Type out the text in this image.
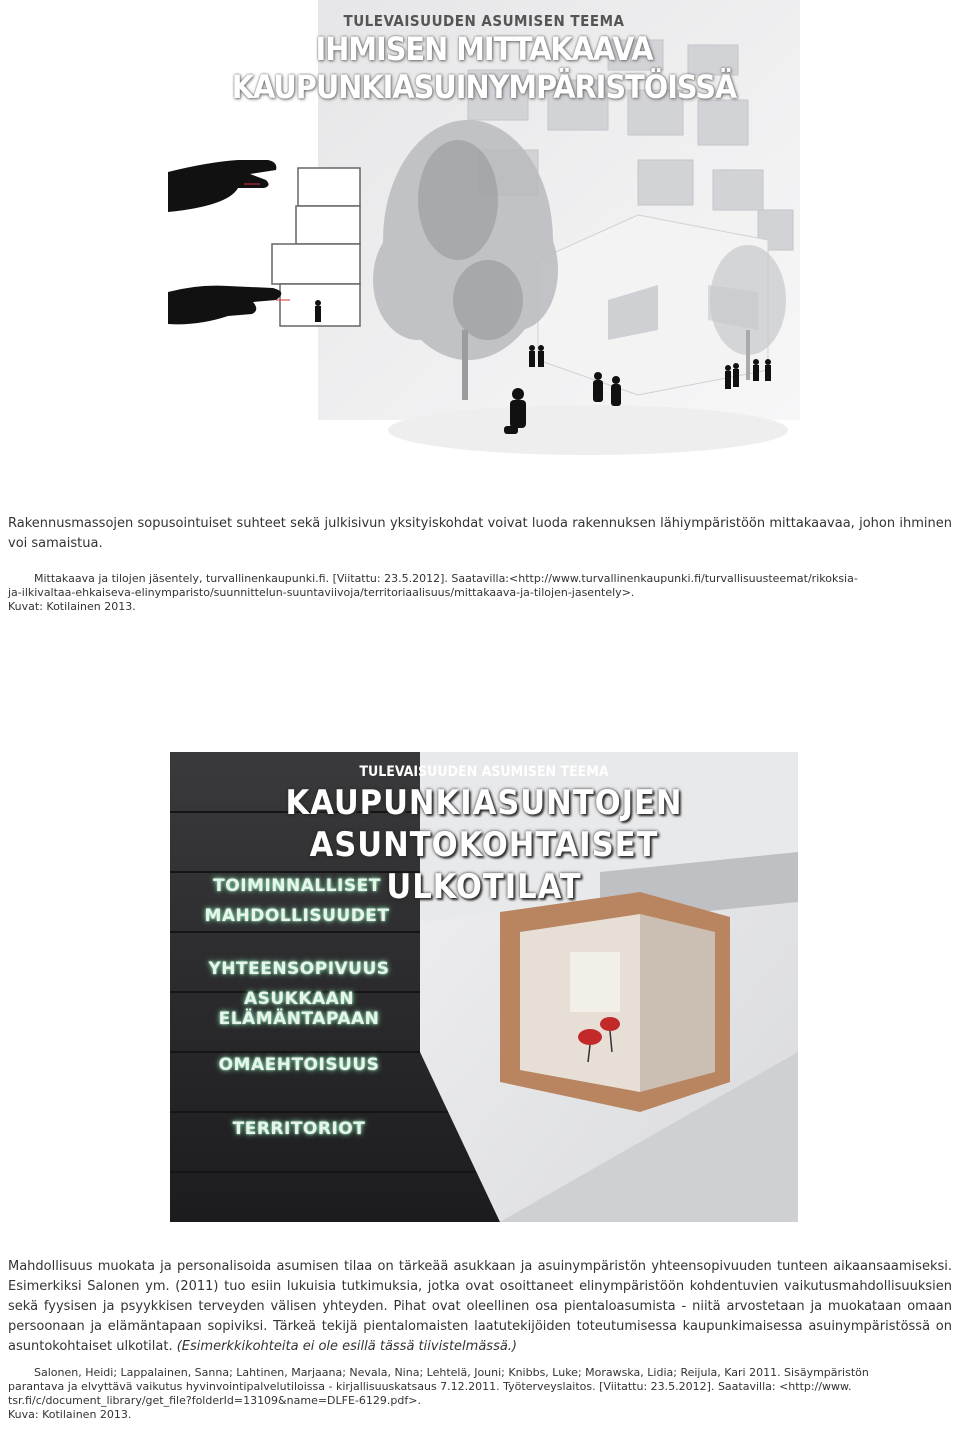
TULEVAISUUDEN ASUMISEN TEEMA
IHMISEN MITTAKAAVA KAUPUNKIASUINYMPÄRISTÖISSÄ
Rakennusmassojen sopusointuiset suhteet sekä julkisivun yksityiskohdat voivat luoda rakennuksen lähiympäristöön mittakaavaa, johon ihminen voi samaistua.
Mittakaava ja tilojen jäsentely, turvallinenkaupunki.fi. [Viitattu: 23.5.2012]. Saatavilla:<http://www.turvallinenkaupunki.fi/turvallisuusteemat/rikoksia-
ja-ilkivaltaa-ehkaiseva-elinymparisto/suunnittelun-suuntaviivoja/territoriaalisuus/mittakaava-ja-tilojen-jasentely>.
Kuvat: Kotilainen 2013.
TULEVAISUUDEN ASUMISEN TEEMA
KAUPUNKIASUNTOJEN ASUNTOKOHTAISET
ULKOTILAT
TOIMINNALLISET
MAHDOLLISUUDET
YHTEENSOPIVUUS
ASUKKAAN ELÄMÄNTAPAAN
OMAEHTOISUUS
TERRITORIOT
Mahdollisuus muokata ja personalisoida asumisen tilaa on tärkeää asukkaan ja asuinympäristön yhteensopivuuden tunteen aikaansaamiseksi. Esimerkiksi Salonen ym. (2011) tuo esiin lukuisia tutkimuksia, jotka ovat osoittaneet elinympäristöön kohdentuvien vaikutusmahdollisuuksien sekä fyysisen ja psyykkisen terveyden välisen yhteyden. Pihat ovat oleellinen osa pientaloasumista - niitä arvostetaan ja muokataan omaan persoonaan ja elämäntapaan sopiviksi. Tärkeä tekijä pientalomaisten laatutekijöiden toteutumisessa kaupunkimaisessa asuinympäristössä on asuntokohtaiset ulkotilat. (Esimerkkikohteita ei ole esillä tässä tiivistelmässä.)
Salonen, Heidi; Lappalainen, Sanna; Lahtinen, Marjaana; Nevala, Nina; Lehtelä, Jouni; Knibbs, Luke; Morawska, Lidia; Reijula, Kari 2011. Sisäympäristön
parantava ja elvyttävä vaikutus hyvinvointipalvelutiloissa - kirjallisuuskatsaus 7.12.2011. Työterveyslaitos. [Viitattu: 23.5.2012]. Saatavilla: <http://www.
tsr.fi/c/document_library/get_file?folderId=13109&name=DLFE-6129.pdf>.
Kuva: Kotilainen 2013.
